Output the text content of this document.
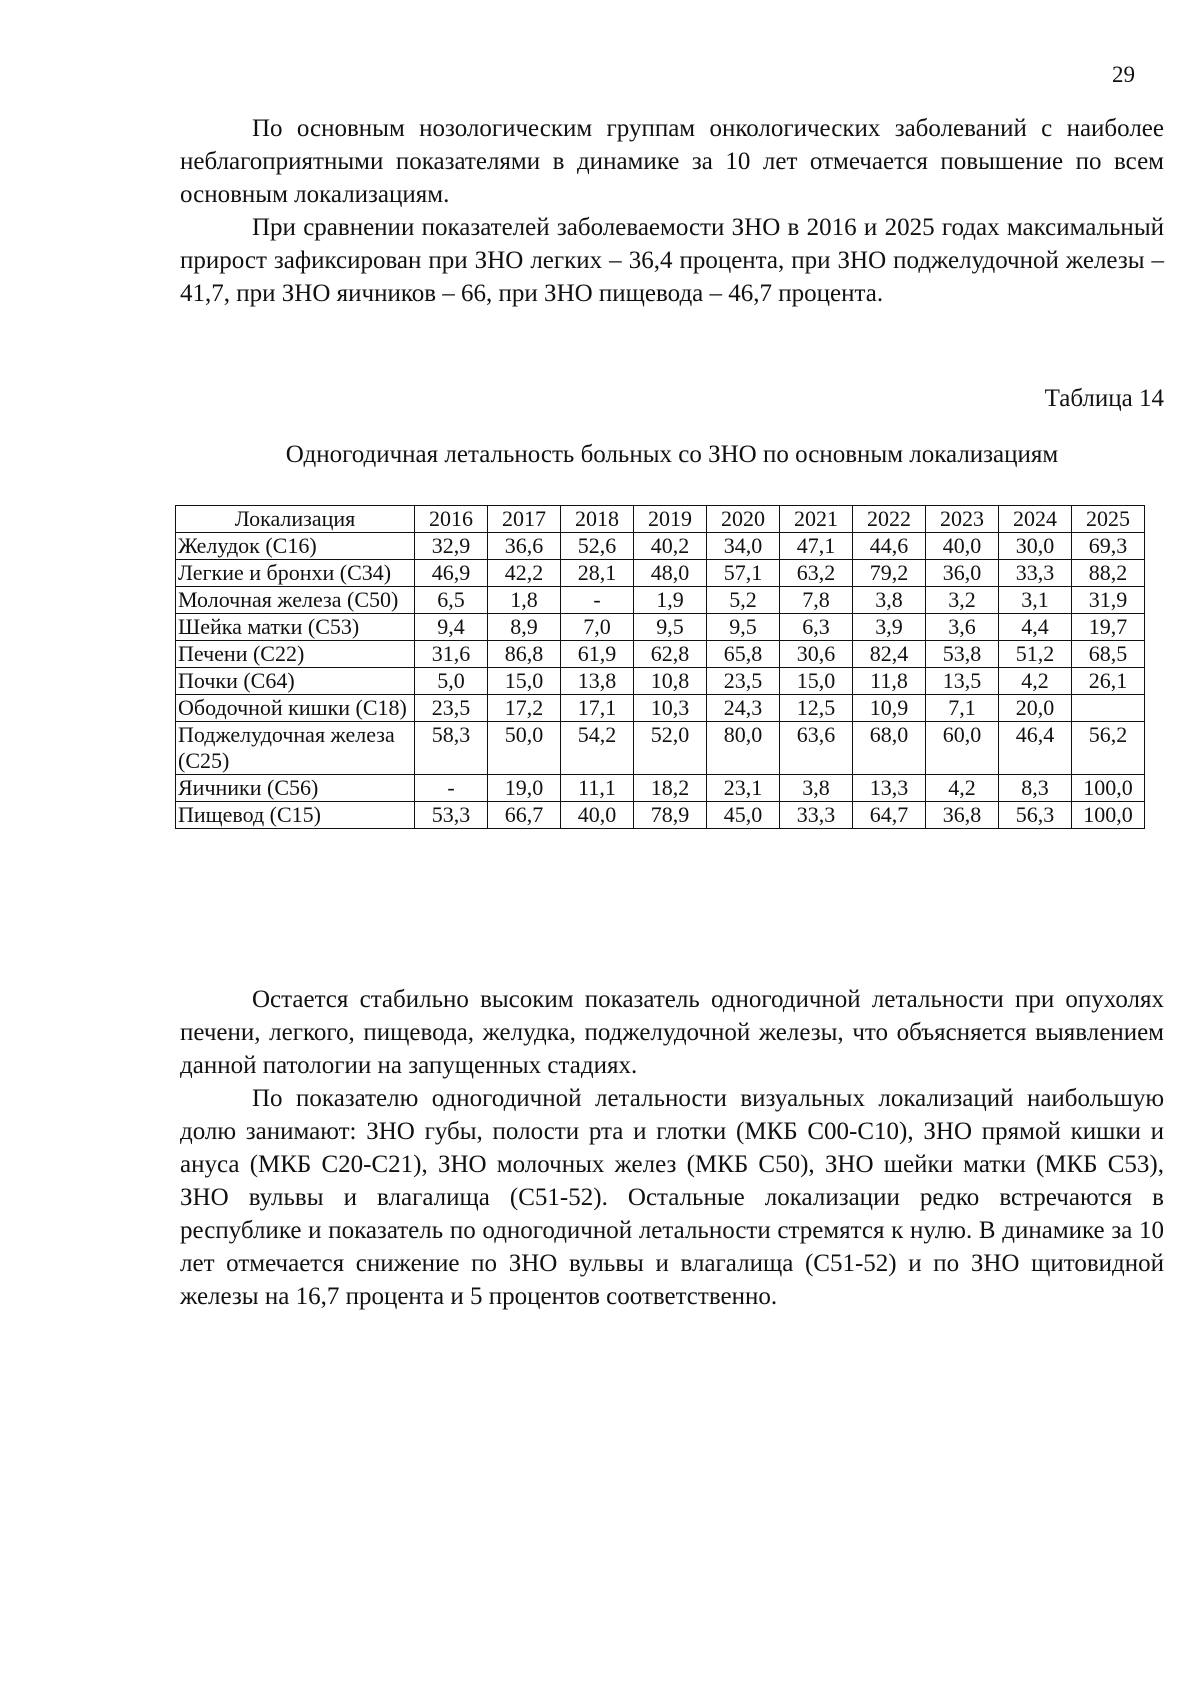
29

По основным нозологическим группам онкологических заболеваний с наиболее неблагоприятными показателями в динамике за 10 лет отмечается повышение по всем основным локализациям.

При сравнении показателей заболеваемости ЗНО в 2016 и 2025 годах максимальный прирост зафиксирован при ЗНО легких – 36,4 процента, при ЗНО поджелудочной железы – 41,7, при ЗНО яичников – 66, при ЗНО пищевода – 46,7 процента.

Таблица 14
Одногодичная летальность больных со ЗНО по основным локализациям
Локализация	2016	2017	2018	2019	2020	2021	2022	2023	2024	2025
Желудок (С16)	32,9	36,6	52,6	40,2	34,0	47,1	44,6	40,0	30,0	69,3
Легкие и бронхи (С34)	46,9	42,2	28,1	48,0	57,1	63,2	79,2	36,0	33,3	88,2
Молочная железа (С50)	6,5	1,8	-	1,9	5,2	7,8	3,8	3,2	3,1	31,9
Шейка матки (С53)	9,4	8,9	7,0	9,5	9,5	6,3	3,9	3,6	4,4	19,7
Печени (С22)	31,6	86,8	61,9	62,8	65,8	30,6	82,4	53,8	51,2	68,5
Почки (С64)	5,0	15,0	13,8	10,8	23,5	15,0	11,8	13,5	4,2	26,1
Ободочной кишки (С18)	23,5	17,2	17,1	10,3	24,3	12,5	10,9	7,1	20,0	
Поджелудочная железа (С25)	58,3	50,0	54,2	52,0	80,0	63,6	68,0	60,0	46,4	56,2
Яичники (С56)	-	19,0	11,1	18,2	23,1	3,8	13,3	4,2	8,3	100,0
Пищевод (С15)	53,3	66,7	40,0	78,9	45,0	33,3	64,7	36,8	56,3	100,0

Остается стабильно высоким показатель одногодичной летальности при опухолях печени, легкого, пищевода, желудка, поджелудочной железы, что объясняется выявлением данной патологии на запущенных стадиях.

По показателю одногодичной летальности визуальных локализаций наибольшую долю занимают: ЗНО губы, полости рта и глотки (МКБ С00-С10), ЗНО прямой кишки и ануса (МКБ С20-С21), ЗНО молочных желез (МКБ С50), ЗНО шейки матки (МКБ С53), ЗНО вульвы и влагалища (С51-52). Остальные локализации редко встречаются в республике и показатель по одногодичной летальности стремятся к нулю. В динамике за 10 лет отмечается снижение по ЗНО вульвы и влагалища (С51-52) и по ЗНО щитовидной железы на 16,7 процента и 5 процентов соответственно.
